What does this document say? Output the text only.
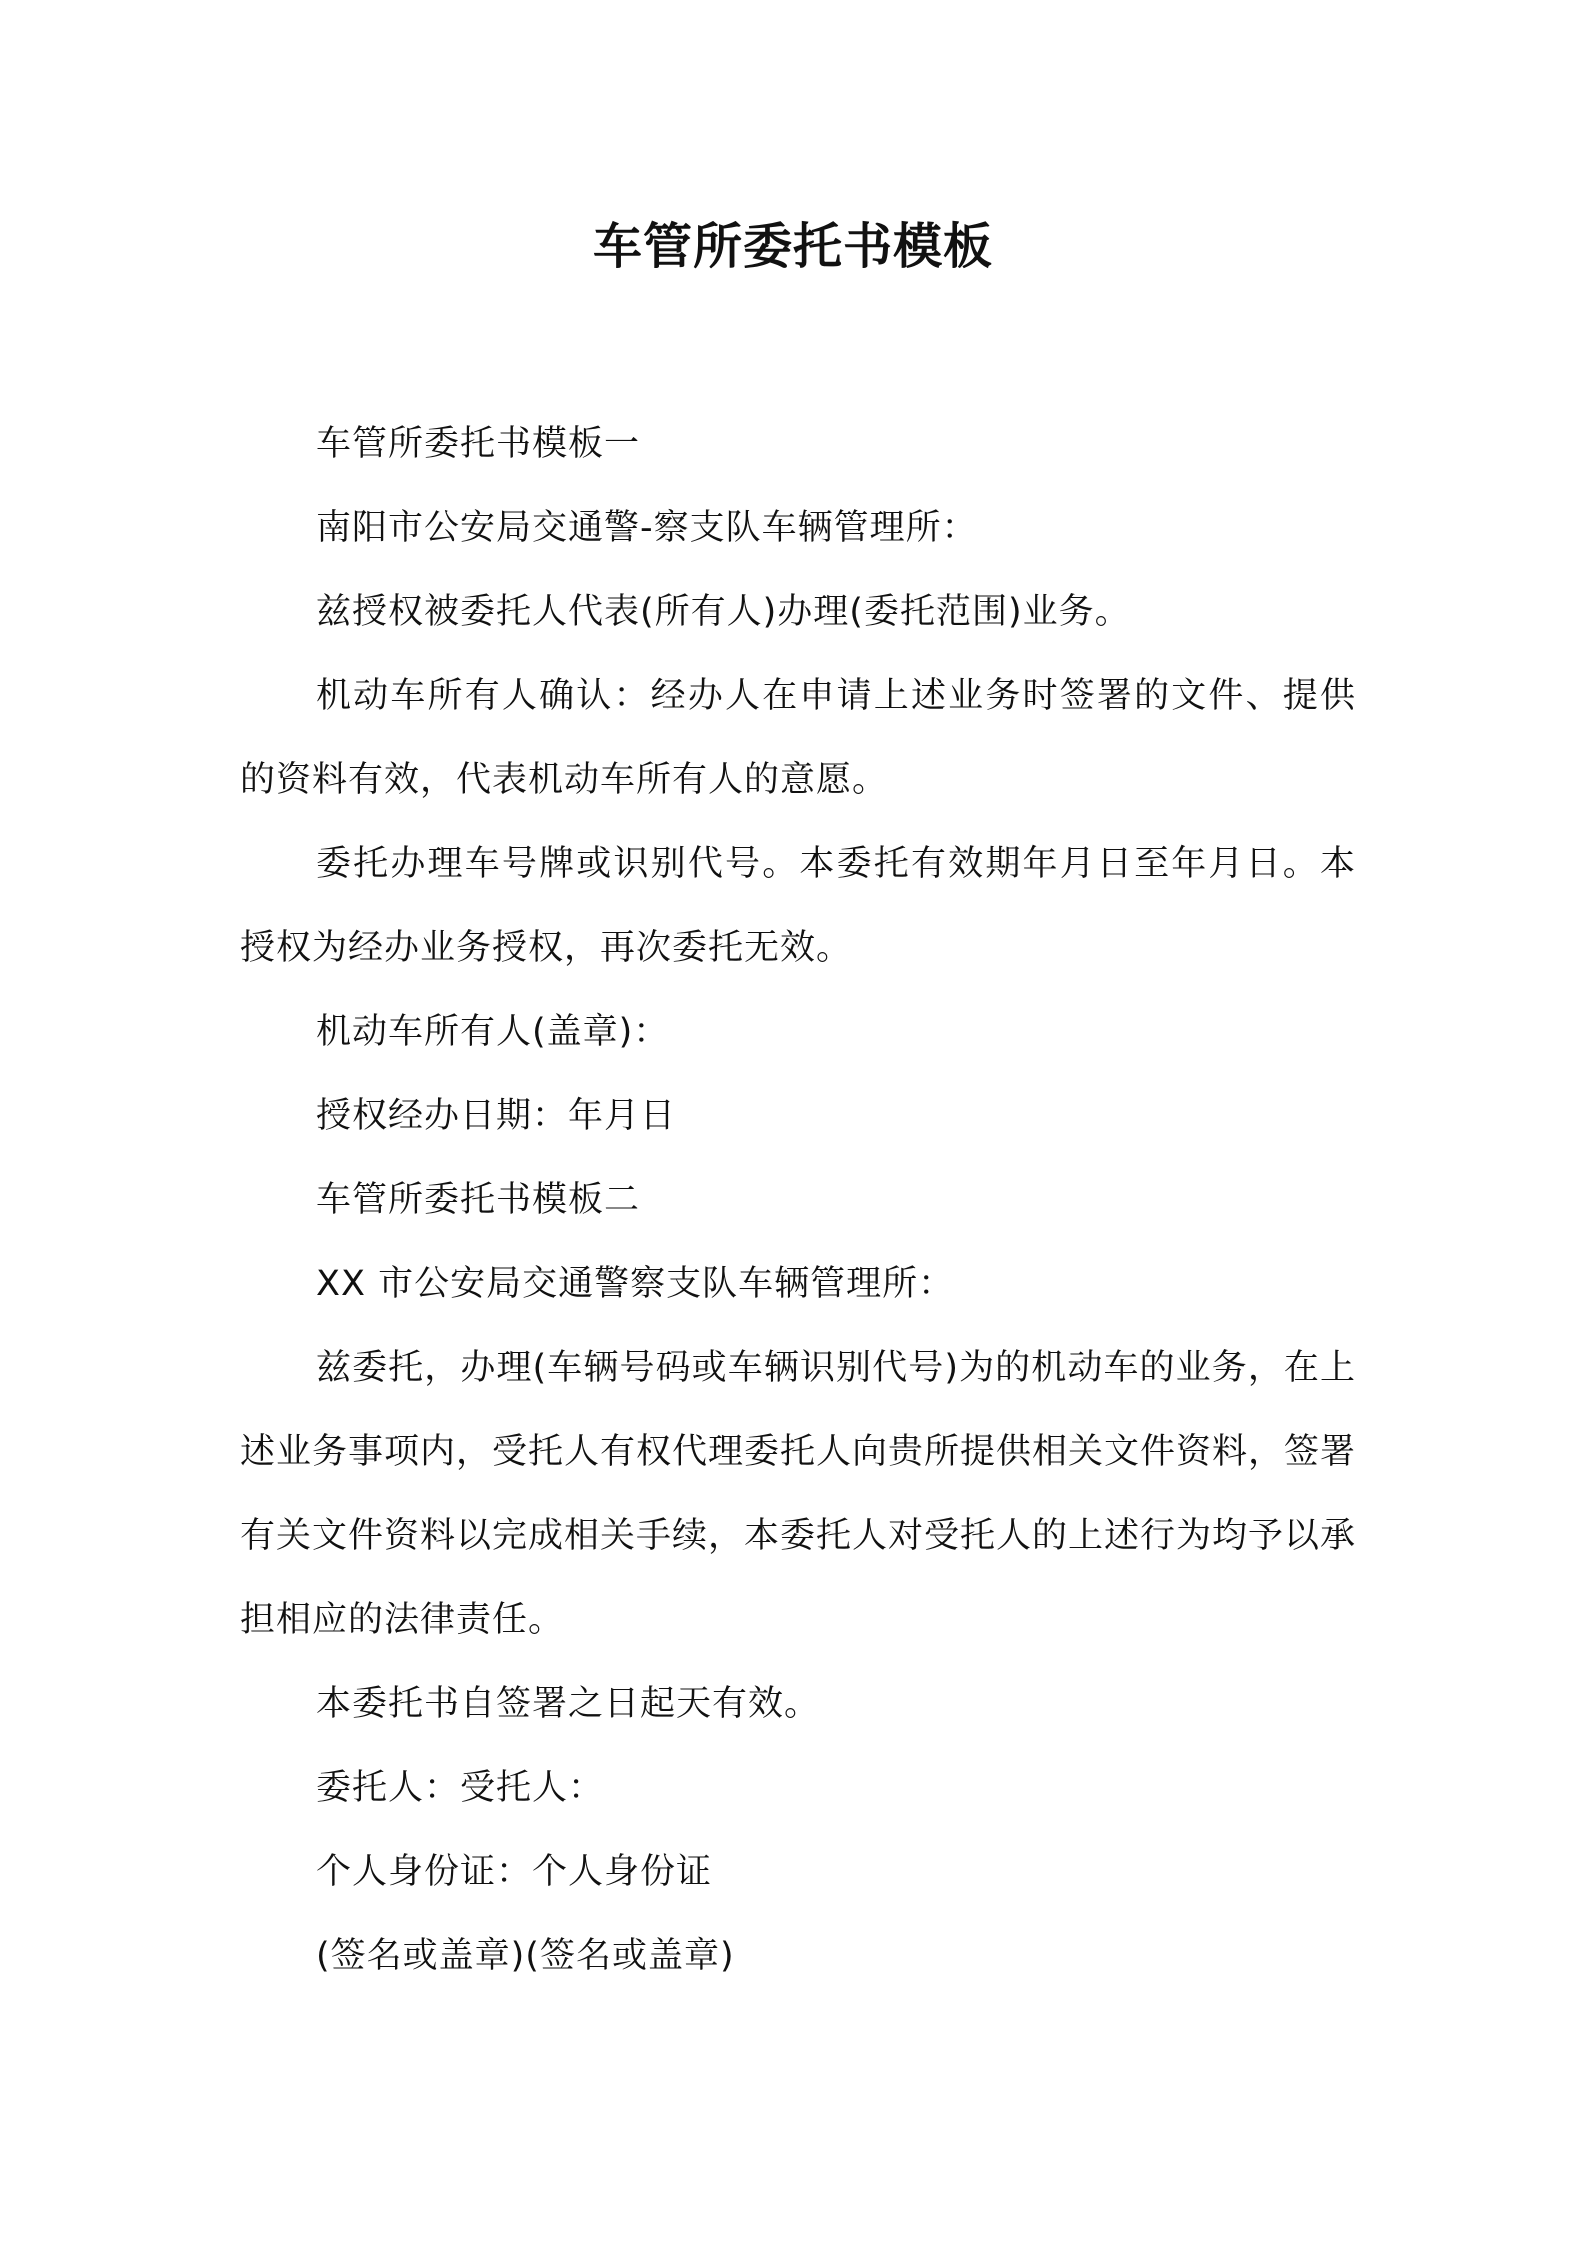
车管所委托书模板

车管所委托书模板一

南阳市公安局交通警-察支队车辆管理所：

兹授权被委托人代表(所有人)办理(委托范围)业务。

机动车所有人确认：经办人在申请上述业务时签署的文件、提供的资料有效，代表机动车所有人的意愿。

委托办理车号牌或识别代号。本委托有效期年月日至年月日。本授权为经办业务授权，再次委托无效。

机动车所有人(盖章)：

授权经办日期：年月日

车管所委托书模板二

XX 市公安局交通警察支队车辆管理所：

兹委托，办理(车辆号码或车辆识别代号)为的机动车的业务，在上述业务事项内，受托人有权代理委托人向贵所提供相关文件资料，签署有关文件资料以完成相关手续，本委托人对受托人的上述行为均予以承担相应的法律责任。

本委托书自签署之日起天有效。

委托人：受托人：

个人身份证：个人身份证

(签名或盖章)(签名或盖章)
